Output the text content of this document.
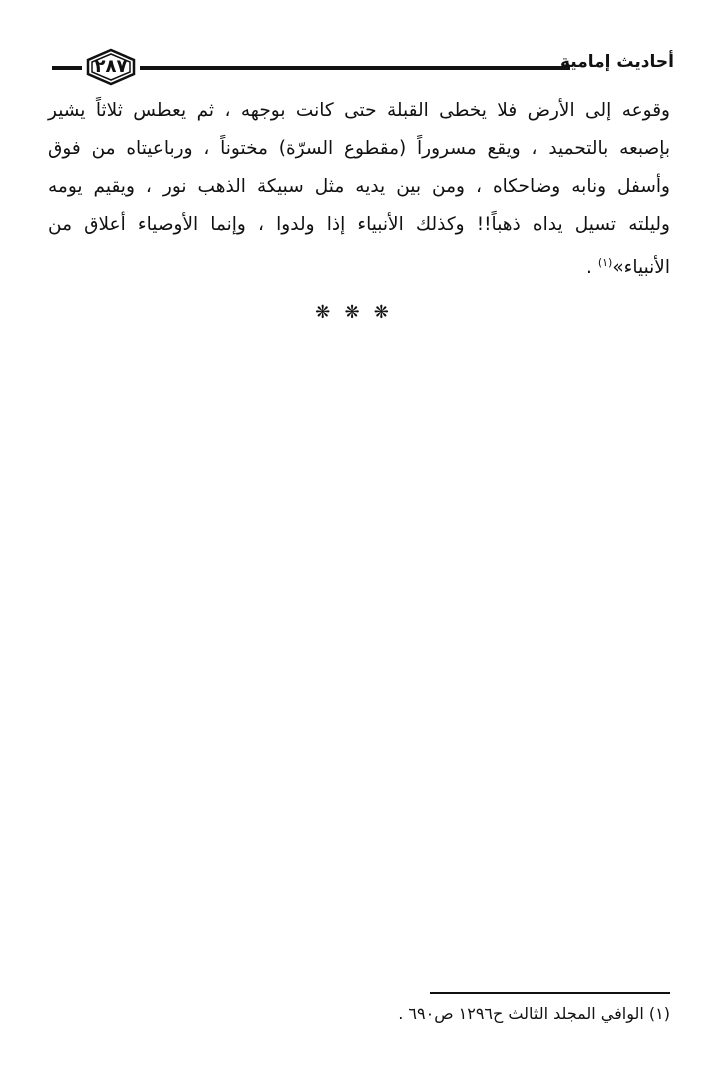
٢٨٧	أحاديث إمامية
وقوعه إلى الأرض فلا يخطى القبلة حتى كانت بوجهه ، ثم يعطس ثلاثاً يشير
بإصبعه بالتحميد ، ويقع مسروراً (مقطوع السرّة) مختوناً ، ورباعيتاه من فوق
وأسفل ونابه وضاحكاه ، ومن بين يديه مثل سبيكة الذهب نور ، ويقيم يومه
وليلته تسيل يداه ذهباً!! وكذلك الأنبياء إذا ولدوا ، وإنما الأوصياء أعلاق من
الأنبياء»$^{(١)}$ .
❋ ❋ ❋
(١) الوافي المجلد الثالث ح١٢٩٦ ص٦٩٠ .
